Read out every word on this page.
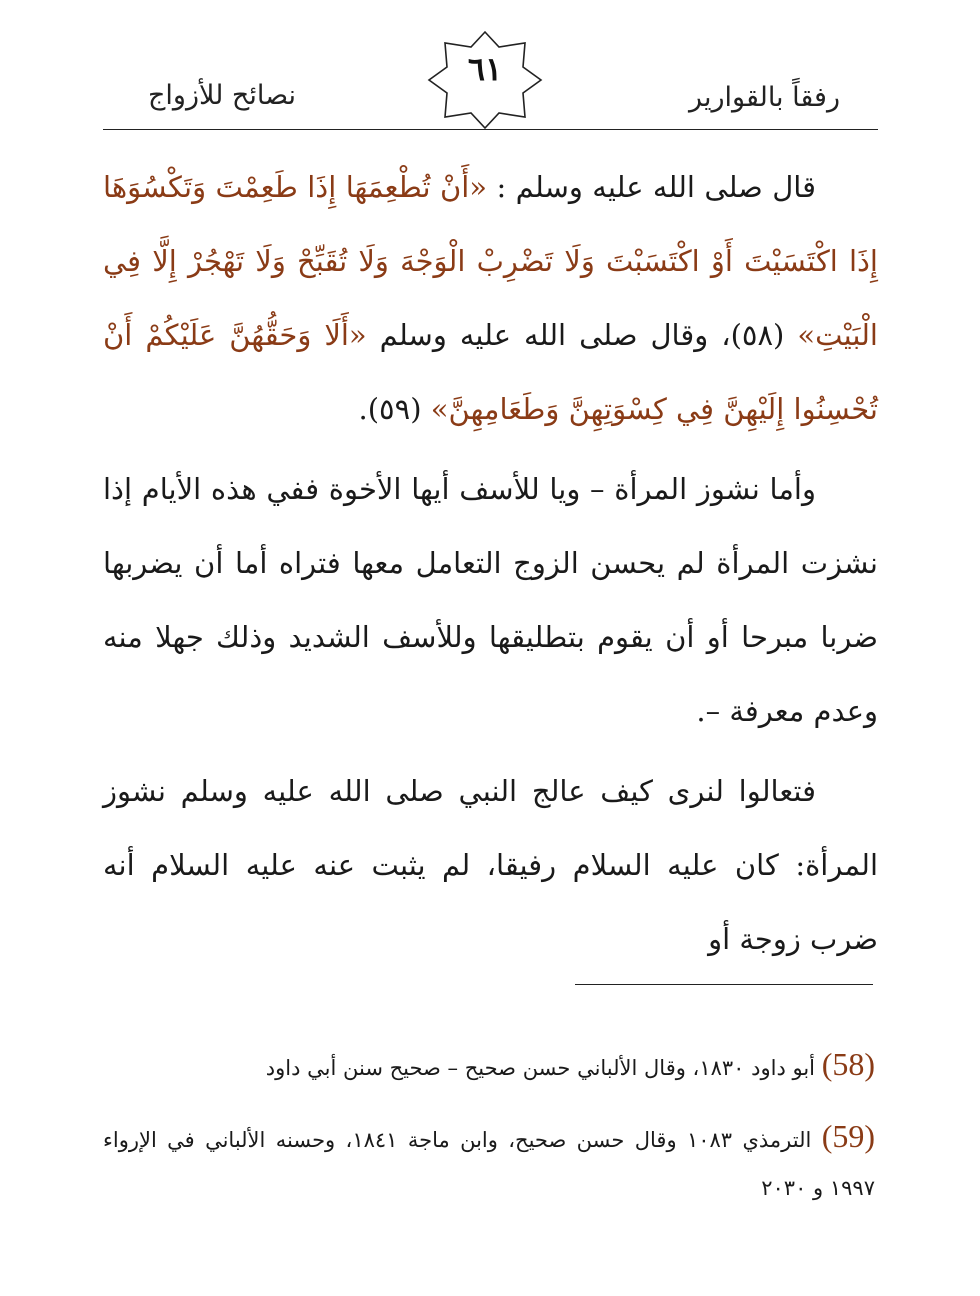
رفقاً بالقوارير
نصائح للأزواج
٦١

قال صلى الله عليه وسلم : «أَنْ تُطْعِمَهَا إِذَا طَعِمْتَ وَتَكْسُوَهَا إِذَا اكْتَسَيْتَ أَوْ اكْتَسَبْتَ وَلَا تَضْرِبْ الْوَجْهَ وَلَا تُقَبِّحْ وَلَا تَهْجُرْ إِلَّا فِي الْبَيْتِ» (٥٨)، وقال صلى الله عليه وسلم «أَلَا وَحَقُّهُنَّ عَلَيْكُمْ أَنْ تُحْسِنُوا إِلَيْهِنَّ فِي كِسْوَتِهِنَّ وَطَعَامِهِنَّ» (٥٩).

وأما نشوز المرأة – ويا للأسف أيها الأخوة ففي هذه الأيام إذا نشزت المرأة لم يحسن الزوج التعامل معها فتراه أما أن يضربها ضربا مبرحا أو أن يقوم بتطليقها وللأسف الشديد وذلك جهلا منه وعدم معرفة –.

فتعالوا لنرى كيف عالج النبي صلى الله عليه وسلم نشوز المرأة: كان عليه السلام رفيقا، لم يثبت عنه عليه السلام أنه ضرب زوجة أو

(58) أبو داود ١٨٣٠، وقال الألباني حسن صحيح – صحيح سنن أبي داود

(59) الترمذي ١٠٨٣ وقال حسن صحيح، وابن ماجة ١٨٤١، وحسنه الألباني في الإرواء ١٩٩٧ و ٢٠٣٠
